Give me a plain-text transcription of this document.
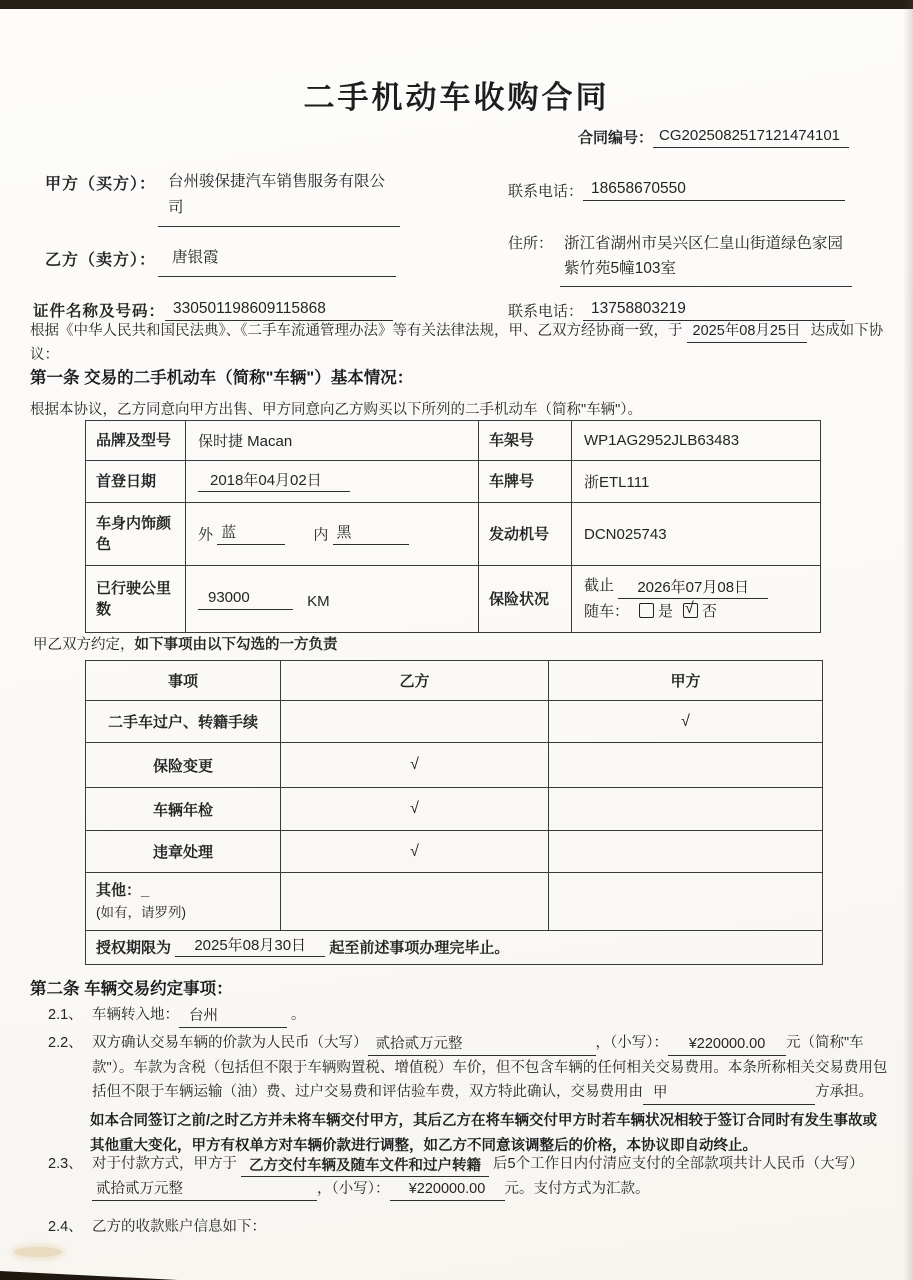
二手机动车收购合同
合同编号： CG2025082517121474101
甲方（买方）： 台州骏保捷汽车销售服务有限公司
联系电话： 18658670550
乙方（卖方）：	唐银霞
住所： 浙江省湖州市吴兴区仁皇山街道绿色家园紫竹苑5幢103室
证件名称及号码： 330501198609115868	联系电话： 13758803219
根据《中华人民共和国民法典》、《二手车流通管理办法》等有关法律法规，甲、乙双方经协商一致，于 2025年08月25日 达成如下协议：
第一条 交易的二手机动车（简称"车辆"）基本情况：
根据本协议，乙方同意向甲方出售、甲方同意向乙方购买以下所列的二手机动车（简称"车辆"）。
品牌及型号	保时捷 Macan	车架号	WP1AG2952JLB63483
首登日期	2018年04月02日	车牌号	浙ETL111
车身内饰颜色	外 蓝 内 黑	发动机号	DCN025743
已行驶公里数	93000 KM	保险状况	截止 2026年07月08日
随车： 是 √ 否
甲乙双方约定，如下事项由以下勾选的一方负责
事项	乙方	甲方
二手车过户、转籍手续		√
保险变更	√	
车辆年检	√	
违章处理	√	

其他：_
(如有，请罗列)		

授权期限为 2025年08月30日 起至前述事项办理完毕止。		
第二条 车辆交易约定事项：
2.1、 车辆转入地： 台州	。
2.2、 双方确认交易车辆的价款为人民币（大写） 贰拾贰万元整	，（小写）： ¥220000.00 元（简称"车款"）。车款为含税（包括但不限于车辆购置税、增值税）车价，但不包含车辆的任何相关交易费用。本条所称相关交易费用包括但不限于车辆运输（油）费、过户交易费和评估验车费，双方特此确认，交易费用由 甲	方承担。
如本合同签订之前/之时乙方并未将车辆交付甲方，其后乙方在将车辆交付甲方时若车辆状况相较于签订合同时有发生事故或其他重大变化，甲方有权单方对车辆价款进行调整，如乙方不同意该调整后的价格，本协议即自动终止。
2.3、 对于付款方式，甲方于 乙方交付车辆及随车文件和过户转籍 后5个工作日内付清应支付的全部款项共计人民币（大写）贰拾贰万元整	，（小写）： ¥220000.00 元。支付方式为汇款。
2.4、 乙方的收款账户信息如下：
